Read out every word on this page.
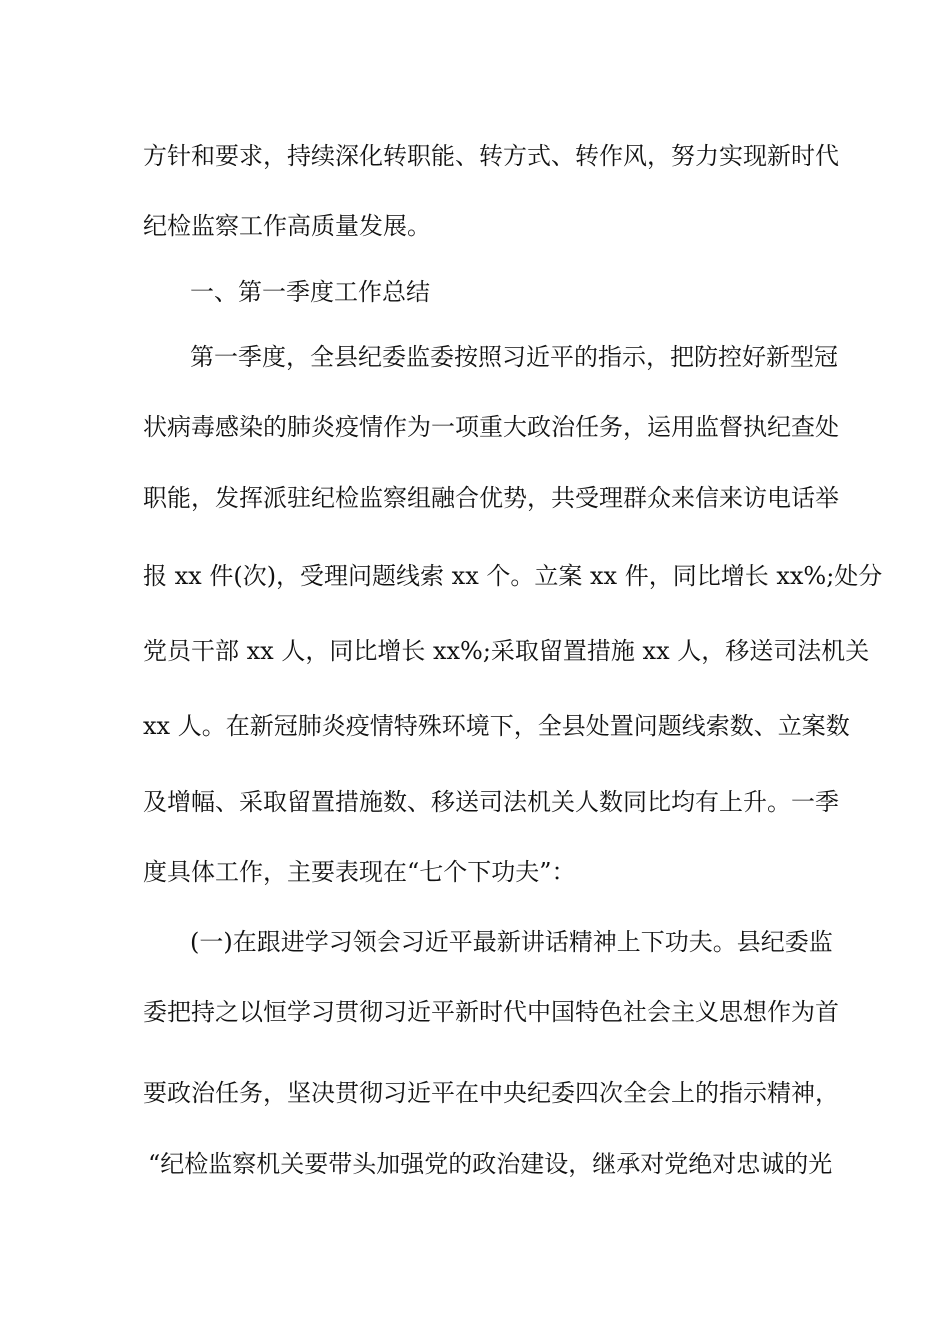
方针和要求，持续深化转职能、转方式、转作风，努力实现新时代
纪检监察工作高质量发展。
一、第一季度工作总结
第一季度，全县纪委监委按照习近平的指示，把防控好新型冠
状病毒感染的肺炎疫情作为一项重大政治任务，运用监督执纪查处
职能，发挥派驻纪检监察组融合优势，共受理群众来信来访电话举
报 xx 件(次)，受理问题线索 xx 个。立案 xx 件，同比增长 xx%;处分
党员干部 xx 人，同比增长 xx%;采取留置措施 xx 人，移送司法机关
xx 人。在新冠肺炎疫情特殊环境下，全县处置问题线索数、立案数
及增幅、采取留置措施数、移送司法机关人数同比均有上升。一季
度具体工作，主要表现在“七个下功夫”：
(一)在跟进学习领会习近平最新讲话精神上下功夫。县纪委监
委把持之以恒学习贯彻习近平新时代中国特色社会主义思想作为首
要政治任务，坚决贯彻习近平在中央纪委四次全会上的指示精神，
“纪检监察机关要带头加强党的政治建设，继承对党绝对忠诚的光
